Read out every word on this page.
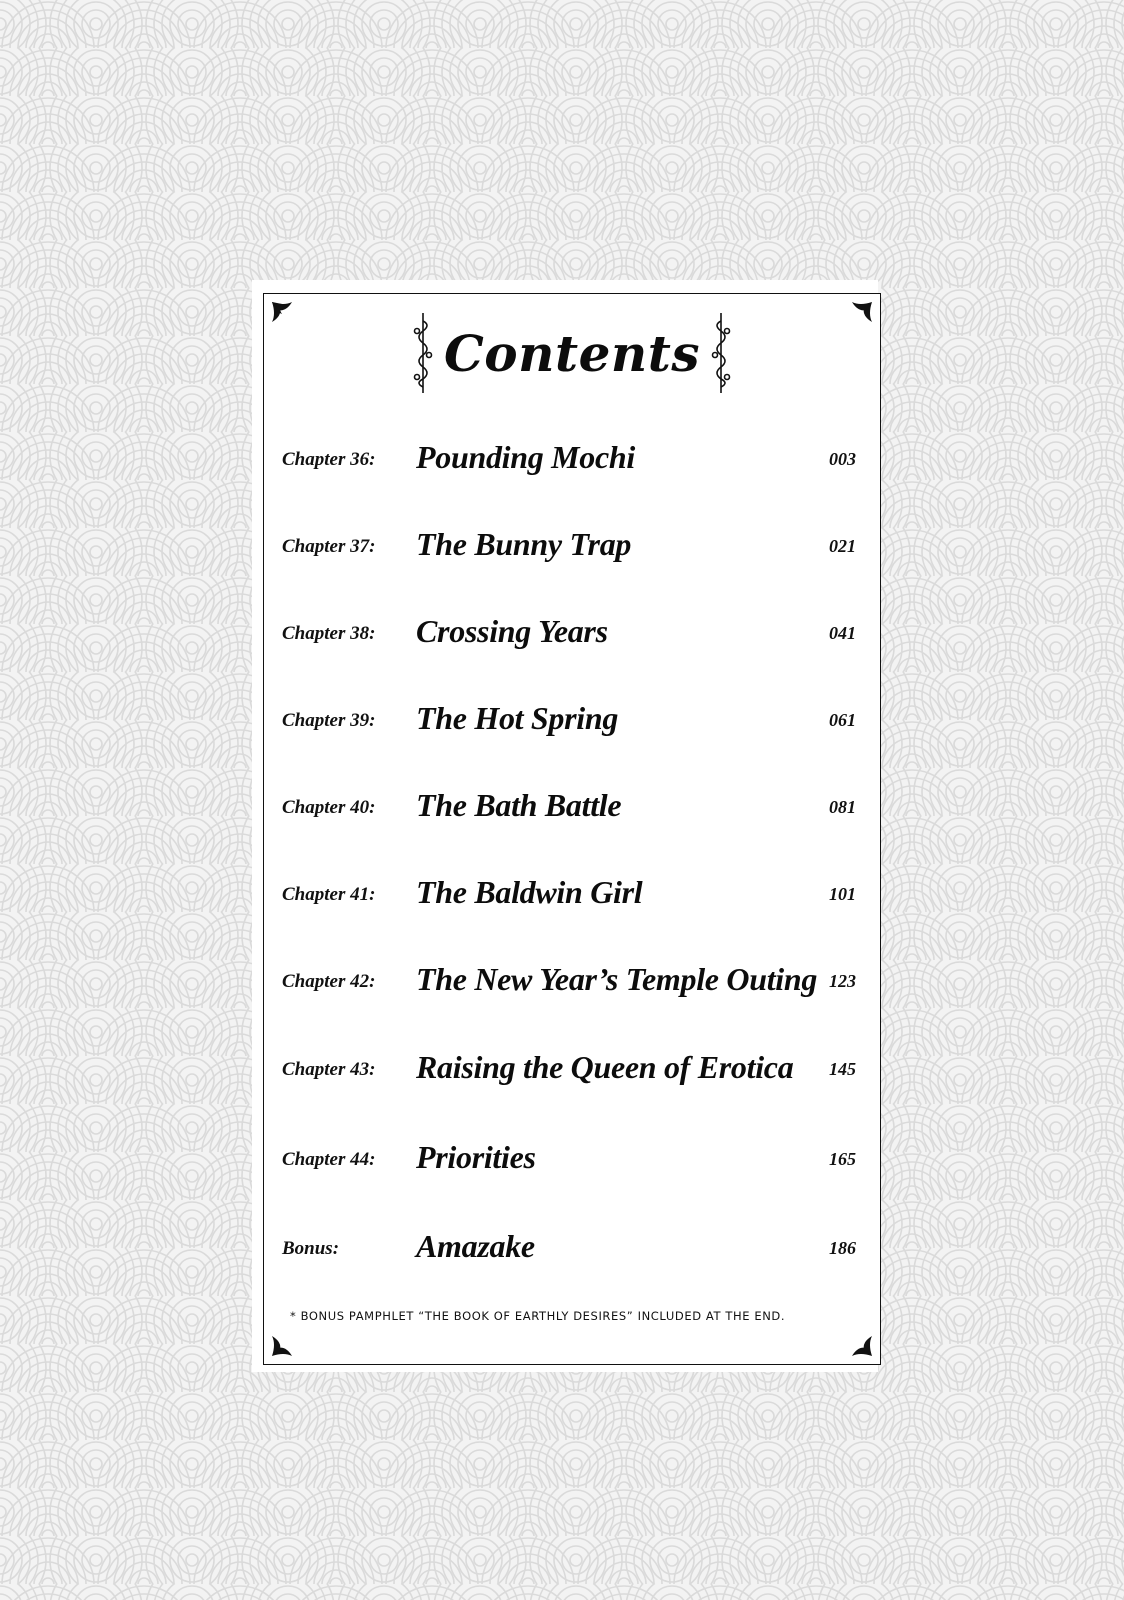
Contents
Chapter 36: Pounding Mochi	003
Chapter 37: The Bunny Trap	021
Chapter 38: Crossing Years	041
Chapter 39: The Hot Spring	061
Chapter 40: The Bath Battle	081
Chapter 41: The Baldwin Girl	101
Chapter 42: The New Year’s Temple Outing 123
Chapter 43: Raising the Queen of Erotica 145
Chapter 44: Priorities	165
Bonus: Amazake	186
* BONUS PAMPHLET “THE BOOK OF EARTHLY DESIRES” INCLUDED AT THE END.
